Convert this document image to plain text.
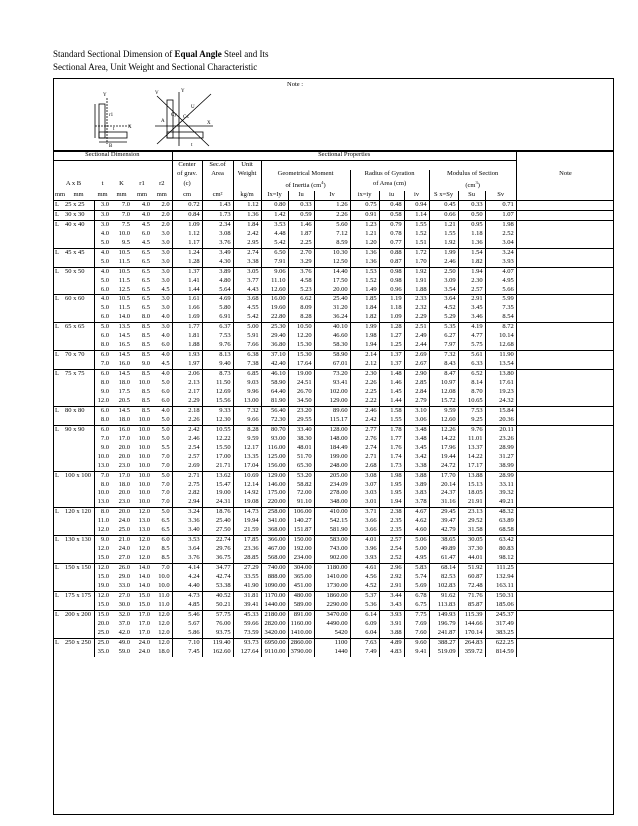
Standard Sectional Dimension of Equal Angle Steel and Its
Sectional Area, Unit Weight and Sectional Characteristic
Note :
Y
r1
t
B
X
V	Y
X
U
Cx
Cy
A
t
Sectional Dimension						Sectional Properties												
						Center	Sec.of	Unit										
						of grav.	Area	Weight	Geometrical Moment			Radius of Gyration			Modulus of Section			Note
A x B		t	K	r1	r2	(c)			of Inertia $(cm^4)$			of Area (cm)			$(cm^3)$			
mm	mm	mm	mm	mm	mm	cm	cm²	kg/m	Ix=Iy	Iu	Iv	ix=iy	iu	iv	S x=Sy	Su	Sv	
L	25 x 25	3.0	7.0	4.0	2.0	0.72	1.43	1.12	0.80	0.33	1.26	0.75	0.48	0.94	0.45	0.33	0.71	
L	30 x 30	3.0	7.0	4.0	2.0	0.84	1.73	1.36	1.42	0.59	2.26	0.91	0.58	1.14	0.66	0.50	1.07	
L	40 x 40	3.0	7.5	4.5	2.0	1.09	2.34	1.84	3.53	1.46	5.60	1.23	0.79	1.55	1.21	0.95	1.98	
		4.0	10.0	6.0	3.0	1.12	3.08	2.42	4.48	1.87	7.12	1.21	0.78	1.52	1.55	1.18	2.52	
		5.0	9.5	4.5	3.0	1.17	3.76	2.95	5.42	2.25	8.59	1.20	0.77	1.51	1.92	1.36	3.04	
L	45 x 45	4.0	10.5	6.5	3.0	1.24	3.49	2.74	6.50	2.70	10.30	1.36	0.88	1.72	1.99	1.54	3.24	
		5.0	11.5	6.5	3.0	1.28	4.30	3.38	7.91	3.29	12.50	1.36	0.87	1.70	2.46	1.82	3.93	
L	50 x 50	4.0	10.5	6.5	3.0	1.37	3.89	3.05	9.06	3.76	14.40	1.53	0.98	1.92	2.50	1.94	4.07	
		5.0	11.5	6.5	3.0	1.41	4.80	3.77	11.10	4.58	17.50	1.52	0.98	1.91	3.09	2.30	4.95	
		6.0	12.5	6.5	4.5	1.44	5.64	4.43	12.60	5.23	20.00	1.49	0.96	1.88	3.54	2.57	5.66	
L	60 x 60	4.0	10.5	6.5	3.0	1.61	4.69	3.68	16.00	6.62	25.40	1.85	1.19	2.33	3.64	2.91	5.99	
		5.0	11.5	6.5	3.0	1.66	5.80	4.55	19.60	8.09	31.20	1.84	1.18	2.32	4.52	3.45	7.35	
		6.0	14.0	8.0	4.0	1.69	6.91	5.42	22.80	8.28	36.24	1.82	1.09	2.29	5.29	3.46	8.54	
L	65 x 65	5.0	13.5	8.5	3.0	1.77	6.37	5.00	25.30	10.50	40.10	1.99	1.28	2.51	5.35	4.19	8.72	
		6.0	14.5	8.5	4.0	1.81	7.53	5.91	29.40	12.20	46.60	1.98	1.27	2.49	6.27	4.77	10.14	
		8.0	16.5	8.5	6.0	1.88	9.76	7.66	36.80	15.30	58.30	1.94	1.25	2.44	7.97	5.75	12.68	
L	70 x 70	6.0	14.5	8.5	4.0	1.93	8.13	6.38	37.10	15.30	58.90	2.14	1.37	2.69	7.32	5.61	11.90	
		7.0	16.0	9.0	4.5	1.97	9.40	7.38	42.40	17.64	67.01	2.12	1.37	2.67	8.43	6.33	13.54	
L	75 x 75	6.0	14.5	8.5	4.0	2.06	8.73	6.85	46.10	19.00	73.20	2.30	1.48	2.90	8.47	6.52	13.80	
		8.0	18.0	10.0	5.0	2.13	11.50	9.03	58.90	24.51	93.41	2.26	1.46	2.85	10.97	8.14	17.61	
		9.0	17.5	8.5	6.0	2.17	12.69	9.96	64.40	26.70	102.00	2.25	1.45	2.84	12.08	8.70	19.23	
		12.0	20.5	8.5	6.0	2.29	15.56	13.00	81.90	34.50	129.00	2.22	1.44	2.79	15.72	10.65	24.32	
L	80 x 80	6.0	14.5	8.5	4.0	2.18	9.33	7.32	56.40	23.20	89.60	2.46	1.58	3.10	9.59	7.53	15.84	
		8.0	18.0	10.0	5.0	2.26	12.30	9.66	72.30	29.55	115.17	2.42	1.55	3.06	12.60	9.25	20.36	
L	90 x 90	6.0	16.0	10.0	5.0	2.42	10.55	8.28	80.70	33.40	128.00	2.77	1.78	3.48	12.26	9.76	20.11	
		7.0	17.0	10.0	5.0	2.46	12.22	9.59	93.00	38.30	148.00	2.76	1.77	3.48	14.22	11.01	23.26	
		9.0	20.0	10.0	5.5	2.54	15.50	12.17	116.00	48.01	184.49	2.74	1.76	3.45	17.96	13.37	28.99	
		10.0	20.0	10.0	7.0	2.57	17.00	13.35	125.00	51.70	199.00	2.71	1.74	3.42	19.44	14.22	31.27	
		13.0	23.0	10.0	7.0	2.69	21.71	17.04	156.00	65.30	248.00	2.68	1.73	3.38	24.72	17.17	38.99	
L	100 x 100	7.0	17.0	10.0	5.0	2.71	13.62	10.69	129.00	53.20	205.00	3.08	1.98	3.88	17.70	13.88	28.99	
		8.0	18.0	10.0	7.0	2.75	15.47	12.14	146.00	58.82	234.09	3.07	1.95	3.89	20.14	15.13	33.11	
		10.0	20.0	10.0	7.0	2.82	19.00	14.92	175.00	72.00	278.00	3.03	1.95	3.83	24.37	18.05	39.32	
		13.0	23.0	10.0	7.0	2.94	24.31	19.08	220.00	91.10	348.00	3.01	1.94	3.78	31.16	21.91	49.21	
L	120 x 120	8.0	20.0	12.0	5.0	3.24	18.76	14.73	258.00	106.00	410.00	3.71	2.38	4.67	29.45	23.13	48.32	
		11.0	24.0	13.0	6.5	3.36	25.40	19.94	341.00	140.27	542.15	3.66	2.35	4.62	39.47	29.52	63.89	
		12.0	25.0	13.0	6.5	3.40	27.50	21.59	368.00	151.87	581.90	3.66	2.35	4.60	42.79	31.58	68.58	
L	130 x 130	9.0	21.0	12.0	6.0	3.53	22.74	17.85	366.00	150.00	583.00	4.01	2.57	5.06	38.65	30.05	63.42	
		12.0	24.0	12.0	8.5	3.64	29.76	23.36	467.00	192.00	743.00	3.96	2.54	5.00	49.89	37.30	80.83	
		15.0	27.0	12.0	8.5	3.76	36.75	28.85	568.00	234.00	902.00	3.93	2.52	4.95	61.47	44.01	98.12	
L	150 x 150	12.0	26.0	14.0	7.0	4.14	34.77	27.29	740.00	304.00	1180.00	4.61	2.96	5.83	68.14	51.92	111.25	
		15.0	29.0	14.0	10.0	4.24	42.74	33.55	888.00	365.00	1410.00	4.56	2.92	5.74	82.53	60.87	132.94	
		19.0	33.0	14.0	10.0	4.40	53.38	41.90	1090.00	451.00	1730.00	4.52	2.91	5.69	102.83	72.48	163.11	
L	175 x 175	12.0	27.0	15.0	11.0	4.73	40.52	31.81	1170.00	480.00	1860.00	5.37	3.44	6.78	91.62	71.76	150.31	
		15.0	30.0	15.0	11.0	4.85	50.21	39.41	1440.00	589.00	2290.00	5.36	3.43	6.75	113.83	85.87	185.06	
L	200 x 200	15.0	32.0	17.0	12.0	5.46	57.75	45.33	2180.00	891.00	3470.00	6.14	3.93	7.75	149.93	115.39	245.37	
		20.0	37.0	17.0	12.0	5.67	76.00	59.66	2820.00	1160.00	4490.00	6.09	3.91	7.69	196.79	144.66	317.49	
		25.0	42.0	17.0	12.0	5.86	93.75	73.59	3420.00	1410.00	5420	6.04	3.88	7.60	241.87	170.14	383.25	
L	250 x 250	25.0	49.0	24.0	12.0	7.10	119.40	93.73	6950.00	2860.00	1100	7.63	4.89	9.60	388.27	264.83	622.25	
		35.0	59.0	24.0	18.0	7.45	162.60	127.64	9110.00	3790.00	1440	7.49	4.83	9.41	519.09	359.72	814.59	
